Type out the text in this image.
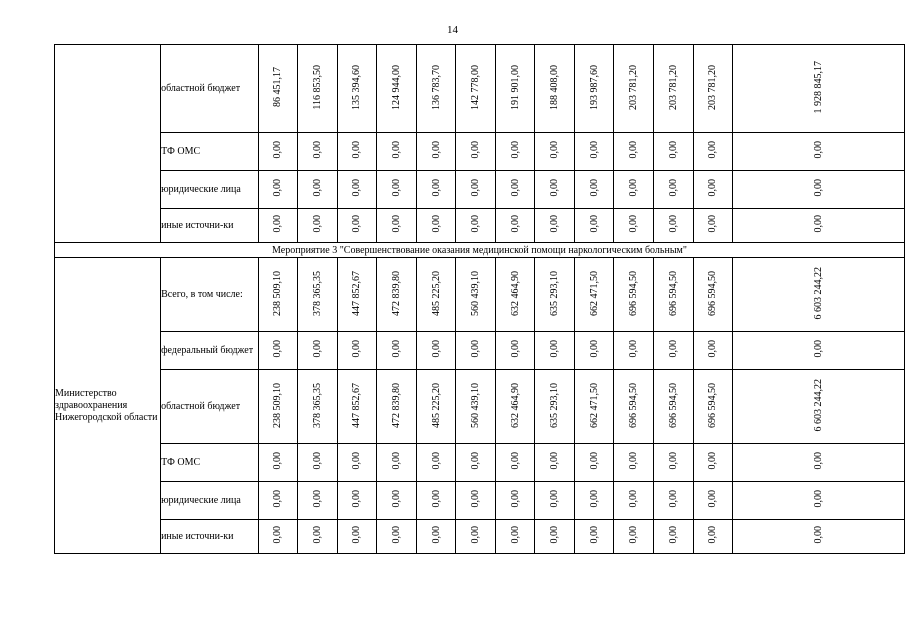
14
	областной бюджет	86 451,17	116 853,50	135 394,60	124 944,00	136 783,70	142 778,00	191 901,00	188 408,00	193 987,60	203 781,20	203 781,20	203 781,20	1 928 845,17
	ТФ ОМС	0,00	0,00	0,00	0,00	0,00	0,00	0,00	0,00	0,00	0,00	0,00	0,00	0,00
	юридические лица	0,00	0,00	0,00	0,00	0,00	0,00	0,00	0,00	0,00	0,00	0,00	0,00	0,00
	иные источни-ки	0,00	0,00	0,00	0,00	0,00	0,00	0,00	0,00	0,00	0,00	0,00	0,00	0,00
Мероприятие 3 "Совершенствование оказания медицинской помощи наркологическим больным"														
Министерство здравоохранения Нижегородской области	Всего, в том числе:	238 509,10	378 365,35	447 852,67	472 839,80	485 225,20	560 439,10	632 464,90	635 293,10	662 471,50	696 594,50	696 594,50	696 594,50	6 603 244,22
	федеральный бюджет	0,00	0,00	0,00	0,00	0,00	0,00	0,00	0,00	0,00	0,00	0,00	0,00	0,00
	областной бюджет	238 509,10	378 365,35	447 852,67	472 839,80	485 225,20	560 439,10	632 464,90	635 293,10	662 471,50	696 594,50	696 594,50	696 594,50	6 603 244,22
	ТФ ОМС	0,00	0,00	0,00	0,00	0,00	0,00	0,00	0,00	0,00	0,00	0,00	0,00	0,00
	юридические лица	0,00	0,00	0,00	0,00	0,00	0,00	0,00	0,00	0,00	0,00	0,00	0,00	0,00
	иные источни-ки	0,00	0,00	0,00	0,00	0,00	0,00	0,00	0,00	0,00	0,00	0,00	0,00	0,00
